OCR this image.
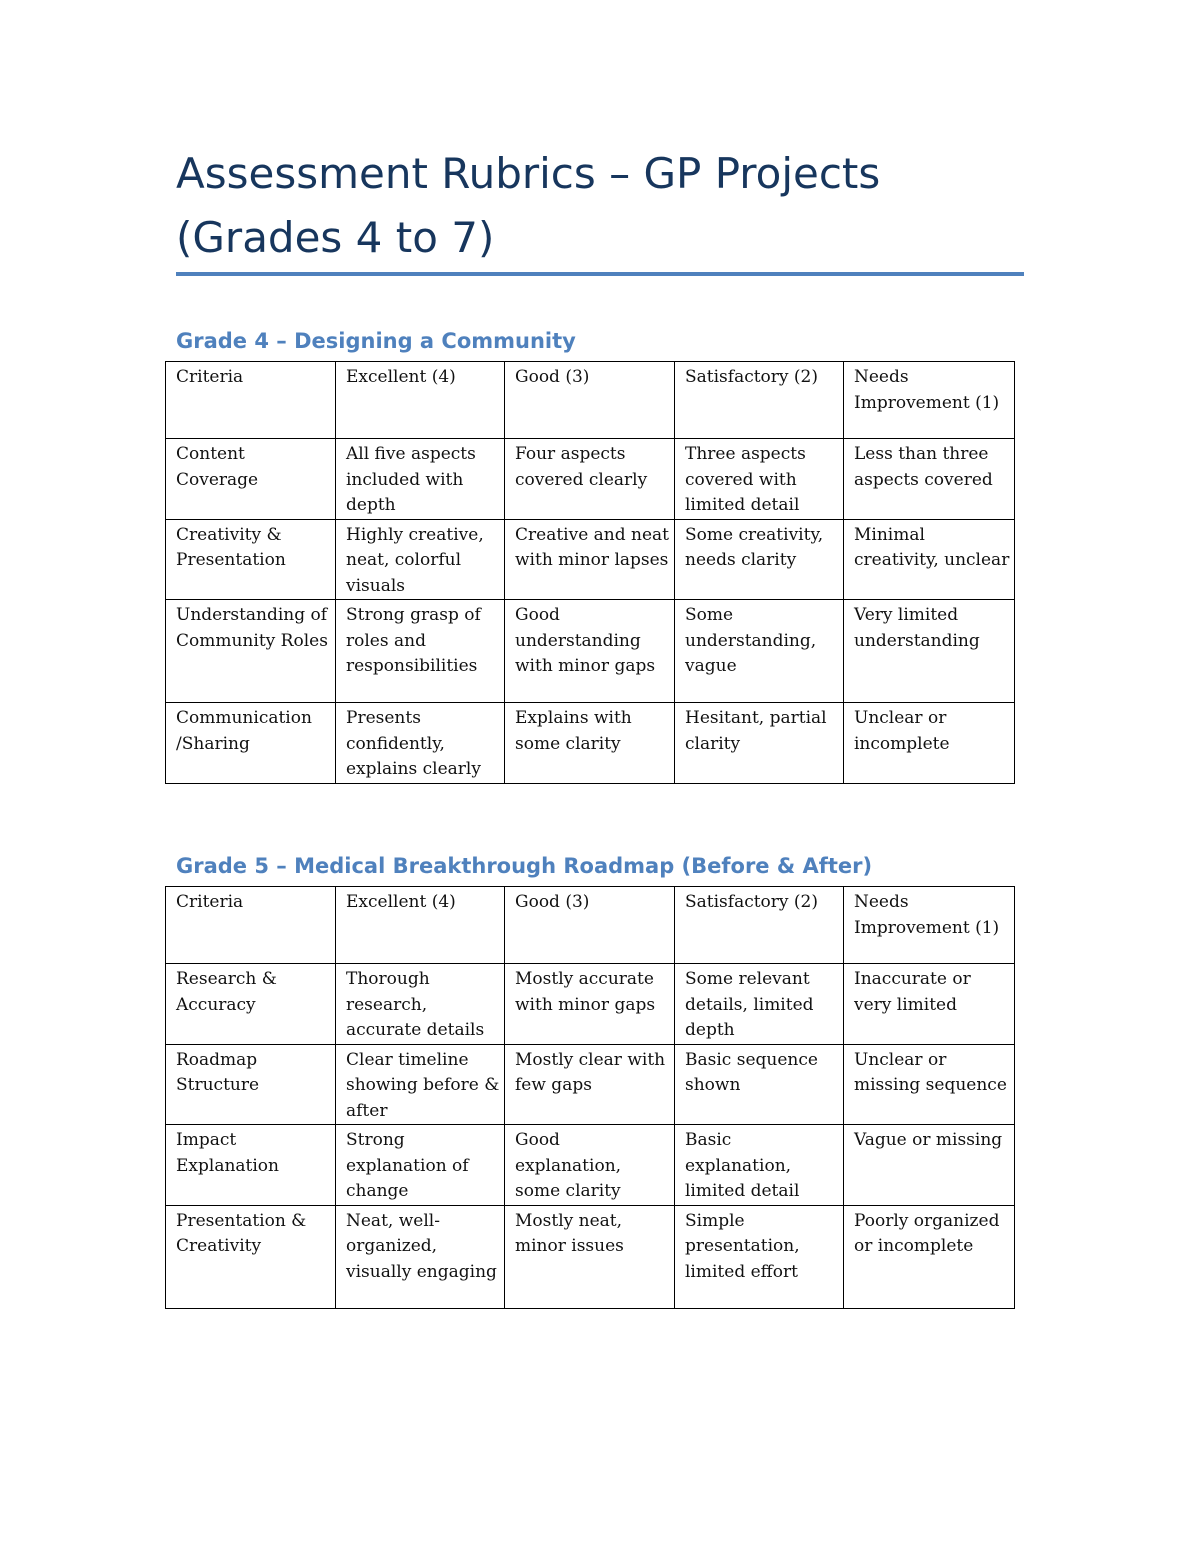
Assessment Rubrics – GP Projects (Grades 4 to 7)
Grade 4 – Designing a Community
Criteria	Excellent (4)	Good (3)	Satisfactory (2)	Needs Improvement (1)
Content Coverage	All five aspects included with depth	Four aspects covered clearly	Three aspects covered with limited detail	Less than three aspects covered
Creativity & Presentation	Highly creative, neat, colorful visuals	Creative and neat with minor lapses	Some creativity, needs clarity	Minimal creativity, unclear
Understanding of Community Roles	Strong grasp of roles and responsibilities	Good understanding with minor gaps	Some understanding, vague	Very limited understanding
Communication /Sharing	Presents confidently, explains clearly	Explains with some clarity	Hesitant, partial clarity	Unclear or incomplete
Grade 5 – Medical Breakthrough Roadmap (Before & After)
Criteria	Excellent (4)	Good (3)	Satisfactory (2)	Needs Improvement (1)
Research & Accuracy	Thorough research, accurate details	Mostly accurate with minor gaps	Some relevant details, limited depth	Inaccurate or very limited
Roadmap Structure	Clear timeline showing before & after	Mostly clear with few gaps	Basic sequence shown	Unclear or missing sequence
Impact Explanation	Strong explanation of change	Good explanation, some clarity	Basic explanation, limited detail	Vague or missing
Presentation & Creativity	Neat, well-organized, visually engaging	Mostly neat, minor issues	Simple presentation, limited effort	Poorly organized or incomplete
